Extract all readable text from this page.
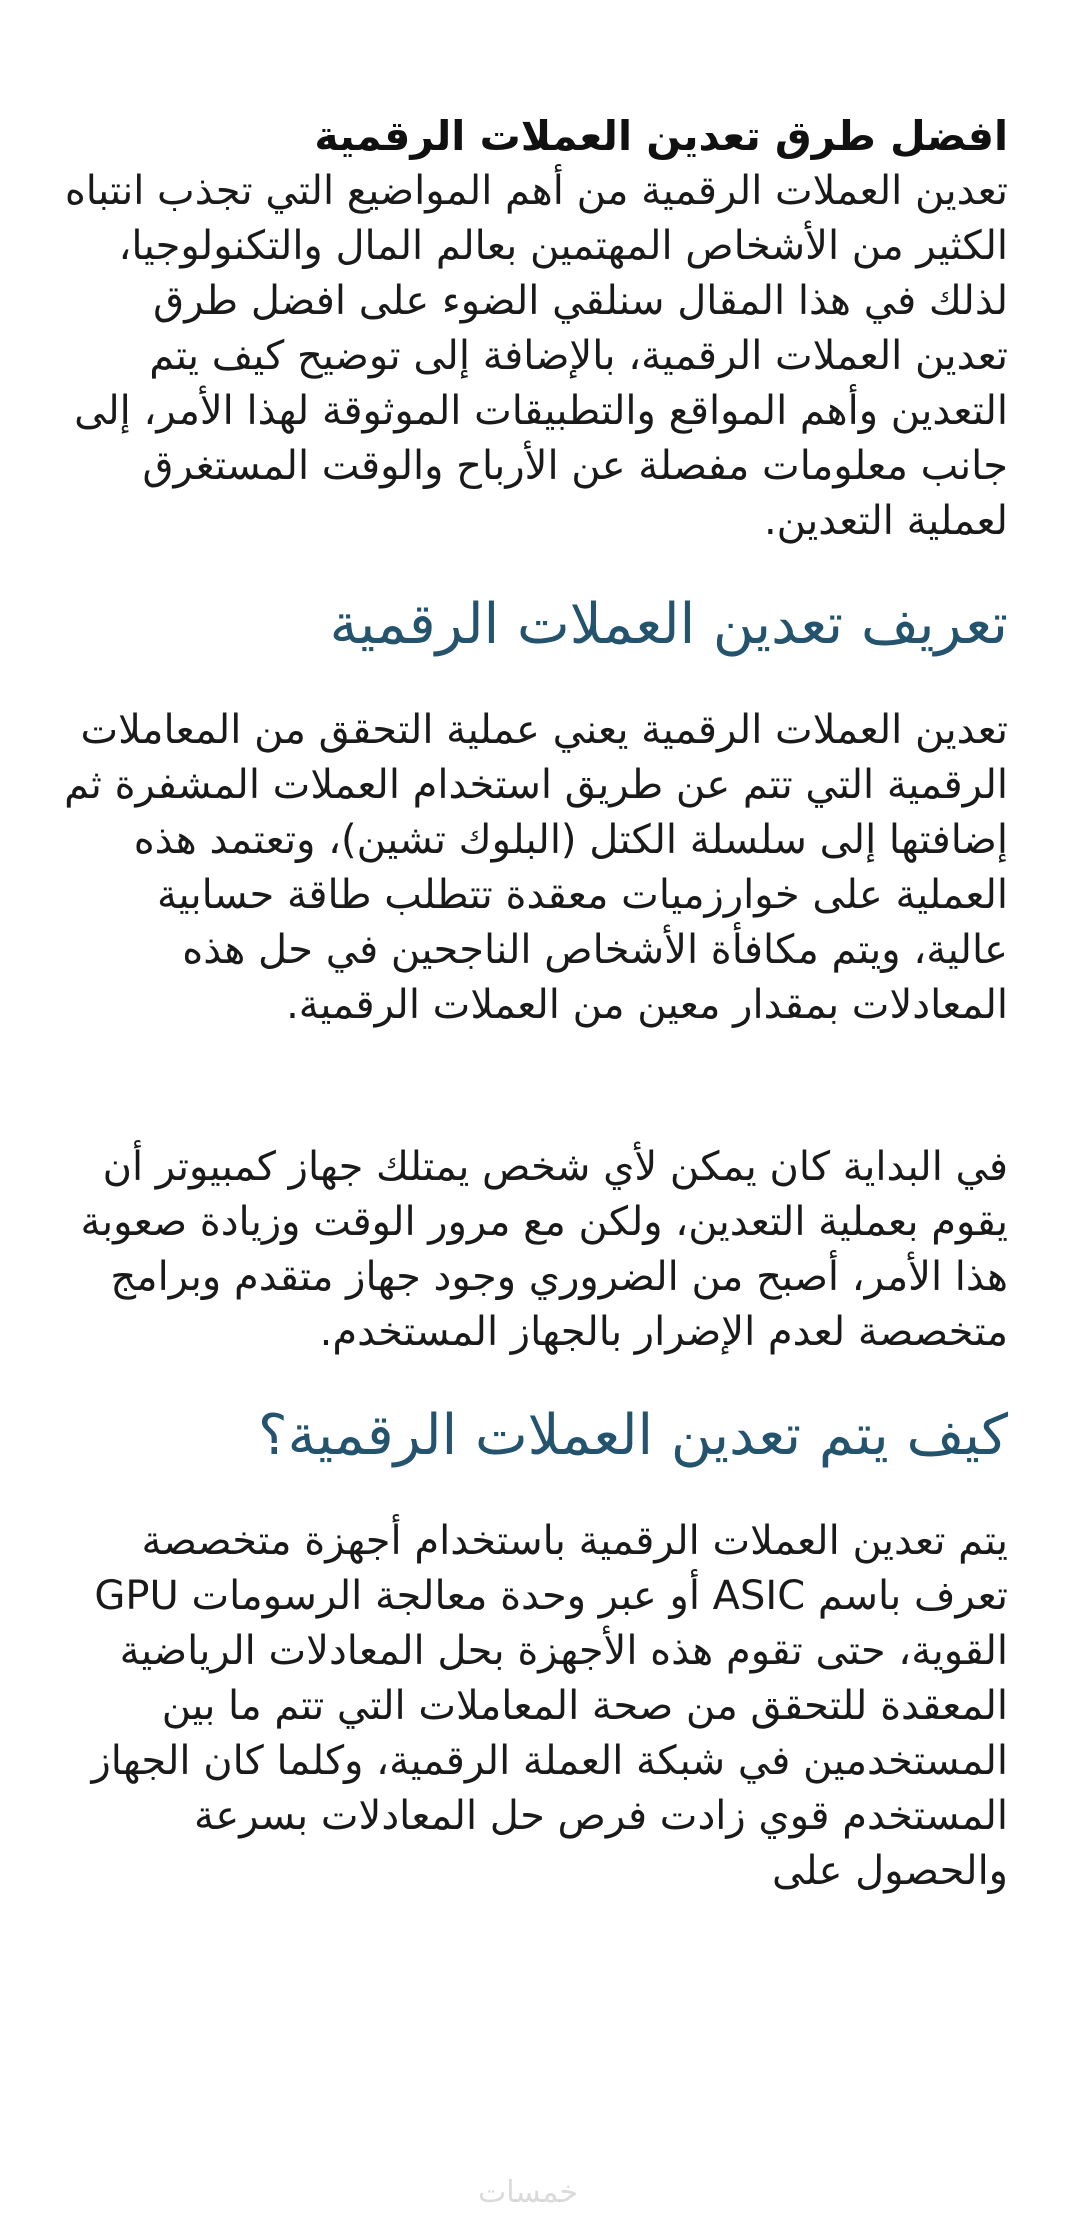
افضل طرق تعدين العملات الرقمية

تعدين العملات الرقمية من أهم المواضيع التي تجذب انتباه الكثير من الأشخاص المهتمين بعالم المال والتكنولوجيا، لذلك في هذا المقال سنلقي الضوء على افضل طرق تعدين العملات الرقمية، بالإضافة إلى توضيح كيف يتم التعدين وأهم المواقع والتطبيقات الموثوقة لهذا الأمر، إلى جانب معلومات مفصلة عن الأرباح والوقت المستغرق لعملية التعدين.

تعريف تعدين العملات الرقمية

تعدين العملات الرقمية يعني عملية التحقق من المعاملات الرقمية التي تتم عن طريق استخدام العملات المشفرة ثم إضافتها إلى سلسلة الكتل (البلوك تشين)، وتعتمد هذه العملية على خوارزميات معقدة تتطلب طاقة حسابية عالية، ويتم مكافأة الأشخاص الناجحين في حل هذه المعادلات بمقدار معين من العملات الرقمية.

في البداية كان يمكن لأي شخص يمتلك جهاز كمبيوتر أن يقوم بعملية التعدين، ولكن مع مرور الوقت وزيادة صعوبة هذا الأمر، أصبح من الضروري وجود جهاز متقدم وبرامج متخصصة لعدم الإضرار بالجهاز المستخدم.

كيف يتم تعدين العملات الرقمية؟

يتم تعدين العملات الرقمية باستخدام أجهزة متخصصة تعرف باسم ASIC أو عبر وحدة معالجة الرسومات GPU القوية، حتى تقوم هذه الأجهزة بحل المعادلات الرياضية المعقدة للتحقق من صحة المعاملات التي تتم ما بين المستخدمين في شبكة العملة الرقمية، وكلما كان الجهاز المستخدم قوي زادت فرص حل المعادلات بسرعة والحصول على

خمسات
